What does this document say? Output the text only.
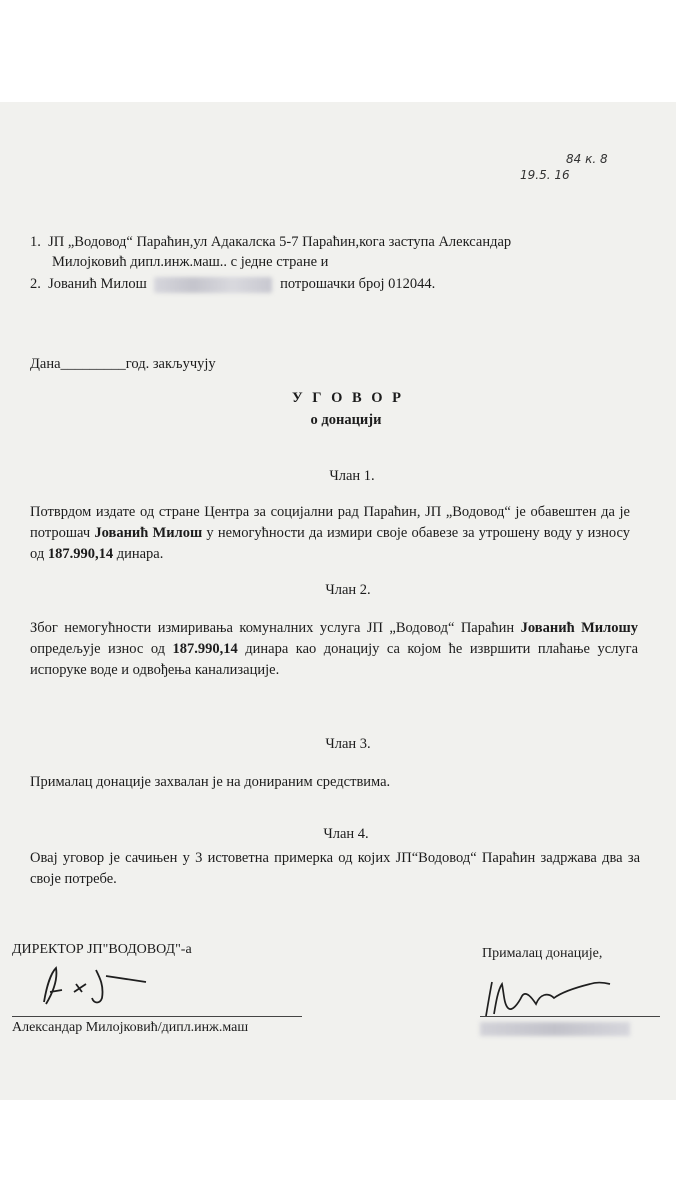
84 к. 8
19.5. 16
1. ЈП „Водовод“ Параћин,ул Адакалска 5-7 Параћин,кога заступа Александар
Милојковић дипл.инж.маш.. с једне стране и
2. Јованић Милош	потрошачки број 012044.
Дана_________год. закључују
У Г О В О Р
о донацији
Члан 1.
Потврдом издате од стране Центра за социјални рад Параћин, ЈП „Водовод“ је обавештен да је потрошач Јованић Милош у немогућности да измири своје обавезе за утрошену воду у износу од 187.990,14 динара.
Члан 2.
Због немогућности измиривања комуналних услуга ЈП „Водовод“ Параћин Јованић Милошу опредељује износ од 187.990,14 динара као донацију са којом ће извршити плаћање услуга испоруке воде и одвођења канализације.
Члан 3.
Прималац донације захвалан је на донираним средствима.
Члан 4.
Овај уговор је сачињен у 3 истоветна примерка од којих ЈП“Водовод“ Параћин задржава два за своје потребе.
ДИРЕКТОР ЈП"ВОДОВОД"-а
Александар Милојковић/дипл.инж.маш
Прималац донације,
